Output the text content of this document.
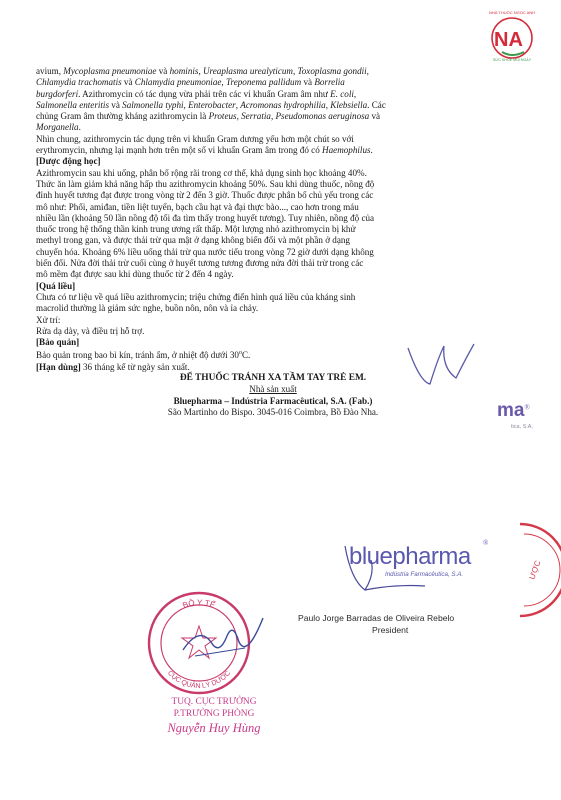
NA
NHÀ THUỐC NGỌC ANH
SỨC KHỎE MỖI NGÀY

avium, Mycoplasma pneumoniae và hominis, Ureaplasma urealyticum, Toxoplasma gondii,

Chlamydia trachomatis và Chlamydia pneumoniae, Treponema pallidum và Borrelia

burgdorferi. Azithromycin có tác dụng vừa phải trên các vi khuẩn Gram âm như E. coli,

Salmonella enteritis và Salmonella typhi, Enterobacter, Acromonas hydrophilia, Klebsiella. Các

chủng Gram âm thường kháng azithromycin là Proteus, Serratia, Pseudomonas aeruginosa và

Morganella.

Nhìn chung, azithromycin tác dụng trên vi khuẩn Gram dương yếu hơn một chút so với

erythromycin, nhưng lại mạnh hơn trên một số vi khuẩn Gram âm trong đó có Haemophilus.

[Dược động học]

Azithromycin sau khi uống, phân bố rộng rãi trong cơ thể, khả dụng sinh học khoảng 40%.

Thức ăn làm giảm khả năng hấp thu azithromycin khoảng 50%. Sau khi dùng thuốc, nồng độ

đỉnh huyết tương đạt được trong vòng từ 2 đến 3 giờ. Thuốc được phân bố chủ yếu trong các

mô như: Phổi, amiđan, tiền liệt tuyến, bạch cầu hạt và đại thực bào..., cao hơn trong máu

nhiều lần (khoảng 50 lần nồng độ tối đa tìm thấy trong huyết tương). Tuy nhiên, nồng độ của

thuốc trong hệ thống thần kinh trung ương rất thấp. Một lượng nhỏ azithromycin bị khử

methyl trong gan, và được thải trừ qua mật ở dạng không biến đổi và một phần ở dạng

chuyển hóa. Khoảng 6% liều uống thải trừ qua nước tiểu trong vòng 72 giờ dưới dạng không

biến đổi. Nửa đời thải trừ cuối cùng ở huyết tương tương đương nửa đời thải trừ trong các

mô mềm đạt được sau khi dùng thuốc từ 2 đến 4 ngày.

[Quá liều]

Chưa có tư liệu về quá liều azithromycin; triệu chứng điển hình quá liều của kháng sinh

macrolid thường là giảm sức nghe, buồn nôn, nôn và ỉa chảy.

Xử trí:

Rửa dạ dày, và điều trị hỗ trợ.

[Bảo quản]

Bảo quản trong bao bì kín, tránh ẩm, ở nhiệt độ dưới 30$^o$C.

[Hạn dùng] 36 tháng kể từ ngày sản xuất.

ĐỂ THUỐC TRÁNH XA TẦM TAY TRẺ EM.

Nhà sản xuất

Bluepharma – Indústria Farmacêutical, S.A. (Fab.)

São Martinho do Bispo. 3045-016 Coimbra, Bồ Đào Nha.	ma®
tica, S.A.
bluepharma ®
Indústria Farmacêutica, S.A.	ƯỢC
Paulo Jorge Barradas de Oliveira Rebelo
President
BỘ Y TẾ
CỤC QUẢN LÝ DƯỢC
TUQ. CỤC TRƯỞNG
P.TRƯỞNG PHÒNG
Nguyễn Huy Hùng
